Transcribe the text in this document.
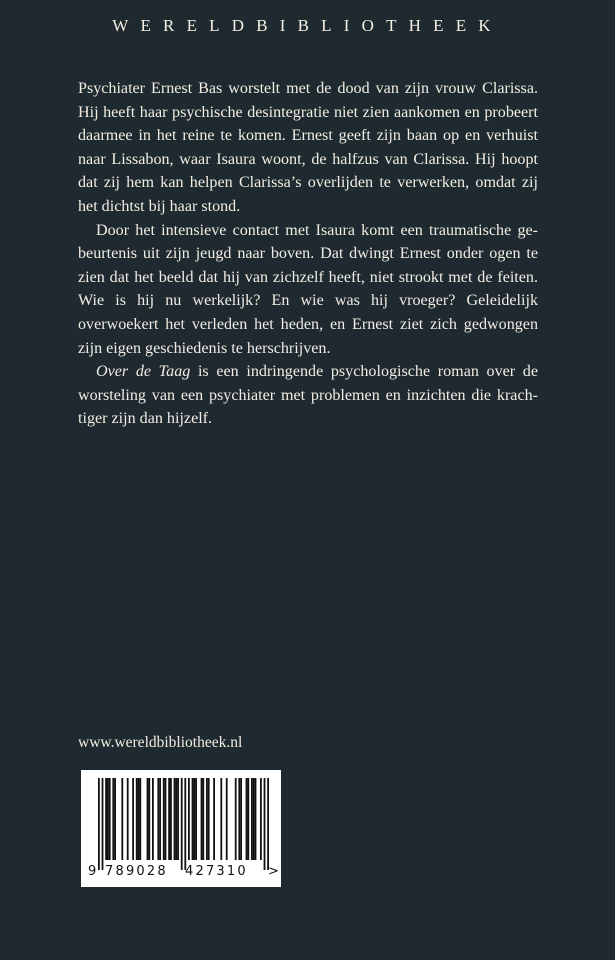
WERELDBIBLIOTHEEK

Psychiater Ernest Bas worstelt met de dood van zijn vrouw Clarissa. Hij heeft haar psychische desintegratie niet zien aankomen en probeert daarmee in het reine te komen. Ernest geeft zijn baan op en verhuist naar Lissabon, waar Isaura woont, de halfzus van Clarissa. Hij hoopt dat zij hem kan helpen Clarissa’s overlijden te verwerken, omdat zij het dichtst bij haar stond.

Door het intensieve contact met Isaura komt een traumatische gebeurtenis uit zijn jeugd naar boven. Dat dwingt Ernest onder ogen te zien dat het beeld dat hij van zichzelf heeft, niet strookt met de feiten. Wie is hij nu werkelijk? En wie was hij vroeger? Geleidelijk overwoekert het verleden het heden, en Ernest ziet zich gedwongen zijn eigen geschiedenis te herschrijven.

Over de Taag is een indringende psychologische roman over de worsteling van een psychiater met problemen en inzichten die krachtiger zijn dan hijzelf.

www.wereldbibliotheek.nl
9 789028 427310 >
